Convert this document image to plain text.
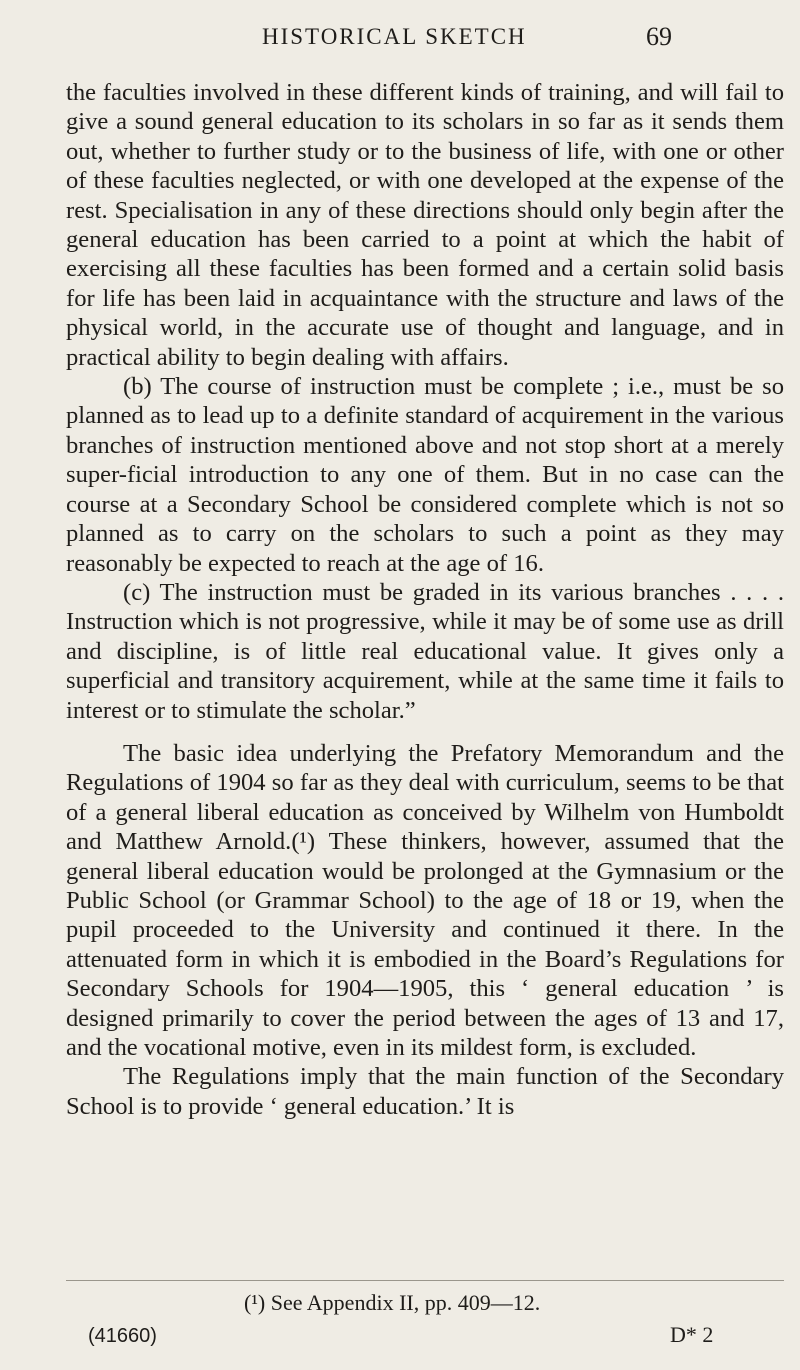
HISTORICAL SKETCH	69

the faculties involved in these different kinds of training, and will fail to give a sound general education to its scholars in so far as it sends them out, whether to further study or to the business of life, with one or other of these faculties neglected, or with one developed at the expense of the rest. Specialisation in any of these directions should only begin after the general education has been carried to a point at which the habit of exercising all these faculties has been formed and a certain solid basis for life has been laid in acquaintance with the structure and laws of the physical world, in the accurate use of thought and language, and in practical ability to begin dealing with affairs.

(b) The course of instruction must be complete ; i.e., must be so planned as to lead up to a definite standard of acquirement in the various branches of instruction mentioned above and not stop short at a merely super-ficial introduction to any one of them. But in no case can the course at a Secondary School be considered complete which is not so planned as to carry on the scholars to such a point as they may reasonably be expected to reach at the age of 16.

(c) The instruction must be graded in its various branches . . . . Instruction which is not progressive, while it may be of some use as drill and discipline, is of little real educational value. It gives only a superficial and transitory acquirement, while at the same time it fails to interest or to stimulate the scholar.”

The basic idea underlying the Prefatory Memorandum and the Regulations of 1904 so far as they deal with curriculum, seems to be that of a general liberal education as conceived by Wilhelm von Humboldt and Matthew Arnold.(¹) These thinkers, however, assumed that the general liberal education would be prolonged at the Gymnasium or the Public School (or Grammar School) to the age of 18 or 19, when the pupil proceeded to the University and continued it there. In the attenuated form in which it is embodied in the Board’s Regulations for Secondary Schools for 1904—1905, this ‘ general education ’ is designed primarily to cover the period between the ages of 13 and 17, and the vocational motive, even in its mildest form, is excluded.

The Regulations imply that the main function of the Secondary School is to provide ‘ general education.’ It is

(¹) See Appendix II, pp. 409—12.
(41660)	D* 2
